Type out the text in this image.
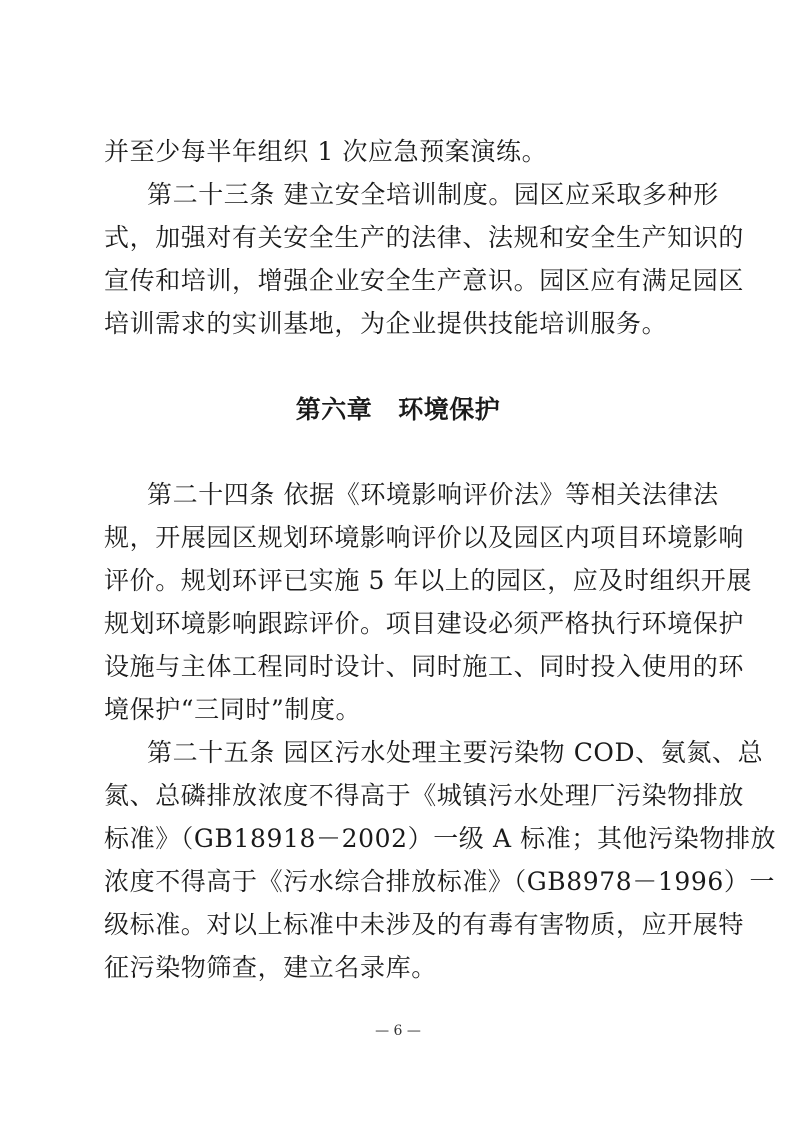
并至少每半年组织 1 次应急预案演练。
第二十三条 建立安全培训制度。园区应采取多种形
式，加强对有关安全生产的法律、法规和安全生产知识的
宣传和培训，增强企业安全生产意识。园区应有满足园区
培训需求的实训基地，为企业提供技能培训服务。
第六章 环境保护
第二十四条 依据《环境影响评价法》等相关法律法
规，开展园区规划环境影响评价以及园区内项目环境影响
评价。规划环评已实施 5 年以上的园区，应及时组织开展
规划环境影响跟踪评价。项目建设必须严格执行环境保护
设施与主体工程同时设计、同时施工、同时投入使用的环
境保护“三同时”制度。
第二十五条 园区污水处理主要污染物 COD、氨氮、总
氮、总磷排放浓度不得高于《城镇污水处理厂污染物排放
标准》（GB18918－2002）一级 A 标准；其他污染物排放
浓度不得高于《污水综合排放标准》（GB8978－1996）一
级标准。对以上标准中未涉及的有毒有害物质，应开展特
征污染物筛查，建立名录库。
— 6 —
